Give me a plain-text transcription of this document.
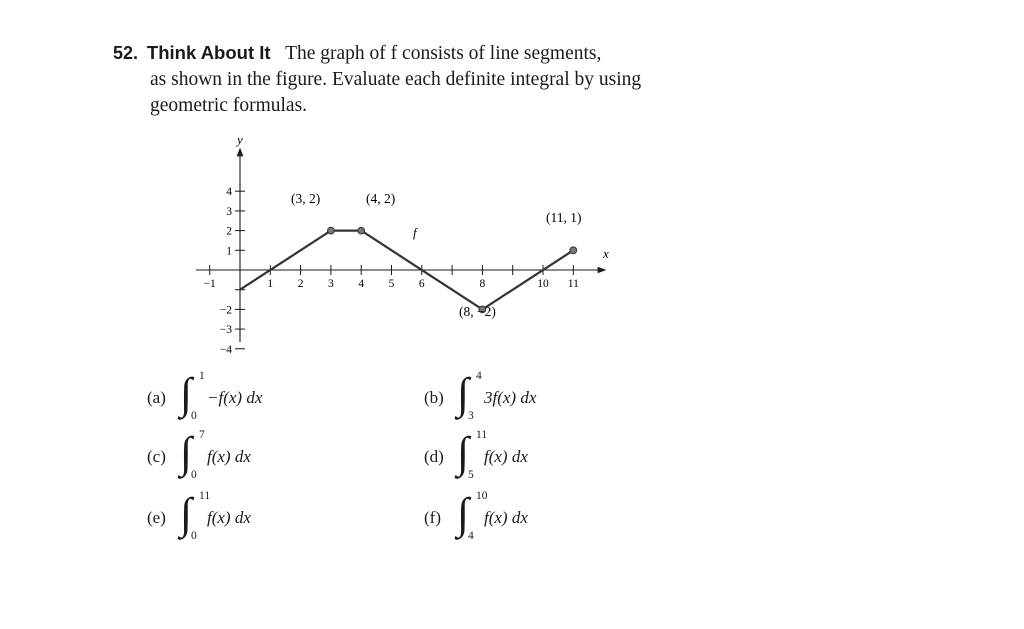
52. Think About It The graph of f consists of line segments,
as shown in the figure. Evaluate each definite integral by using
geometric formulas.
x
y
−1	1 2 3 4 5 6	8	10 11
4
3
2
1
−2
−3
−4
f
(3, 2)	(4, 2)
(8, −2)
(11, 1)
(a) ∫ 1
0
−f(x) dx	(b) ∫ 4
3
3f(x) dx
(c) ∫ 7
0
f(x) dx	(d) ∫ 11
5
f(x) dx
(e) ∫ 11
0
f(x) dx	(f) ∫ 10
4
f(x) dx
